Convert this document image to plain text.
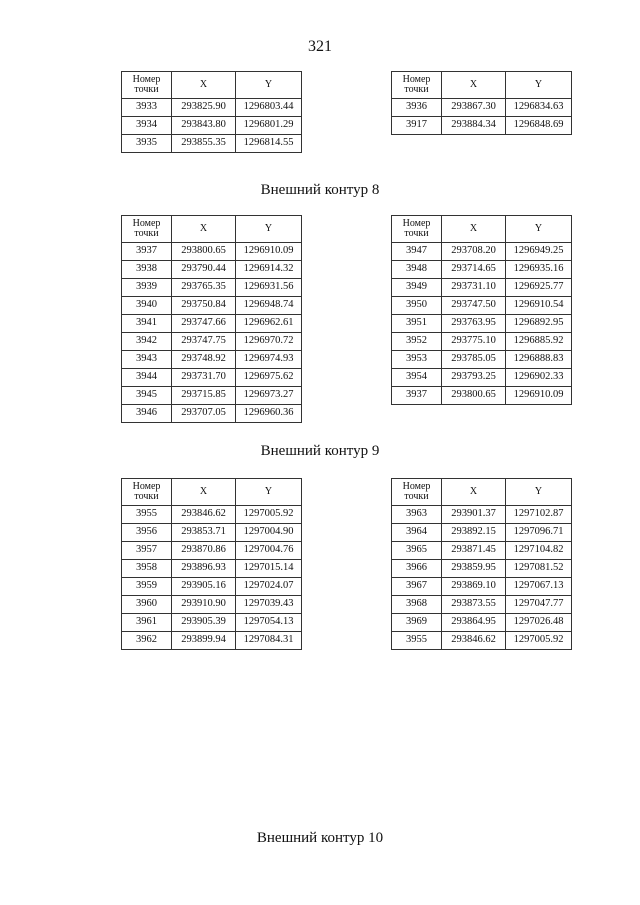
321
Номер точки	X	Y
3933	293825.90	1296803.44
3934	293843.80	1296801.29
3935	293855.35	1296814.55
Номер точки	X	Y
3936	293867.30	1296834.63
3917	293884.34	1296848.69
Внешний контур 8
Номер точки	X	Y
3937	293800.65	1296910.09
3938	293790.44	1296914.32
3939	293765.35	1296931.56
3940	293750.84	1296948.74
3941	293747.66	1296962.61
3942	293747.75	1296970.72
3943	293748.92	1296974.93
3944	293731.70	1296975.62
3945	293715.85	1296973.27
3946	293707.05	1296960.36
Номер точки	X	Y
3947	293708.20	1296949.25
3948	293714.65	1296935.16
3949	293731.10	1296925.77
3950	293747.50	1296910.54
3951	293763.95	1296892.95
3952	293775.10	1296885.92
3953	293785.05	1296888.83
3954	293793.25	1296902.33
3937	293800.65	1296910.09
Внешний контур 9
Номер точки	X	Y
3955	293846.62	1297005.92
3956	293853.71	1297004.90
3957	293870.86	1297004.76
3958	293896.93	1297015.14
3959	293905.16	1297024.07
3960	293910.90	1297039.43
3961	293905.39	1297054.13
3962	293899.94	1297084.31
Номер точки	X	Y
3963	293901.37	1297102.87
3964	293892.15	1297096.71
3965	293871.45	1297104.82
3966	293859.95	1297081.52
3967	293869.10	1297067.13
3968	293873.55	1297047.77
3969	293864.95	1297026.48
3955	293846.62	1297005.92
Внешний контур 10
